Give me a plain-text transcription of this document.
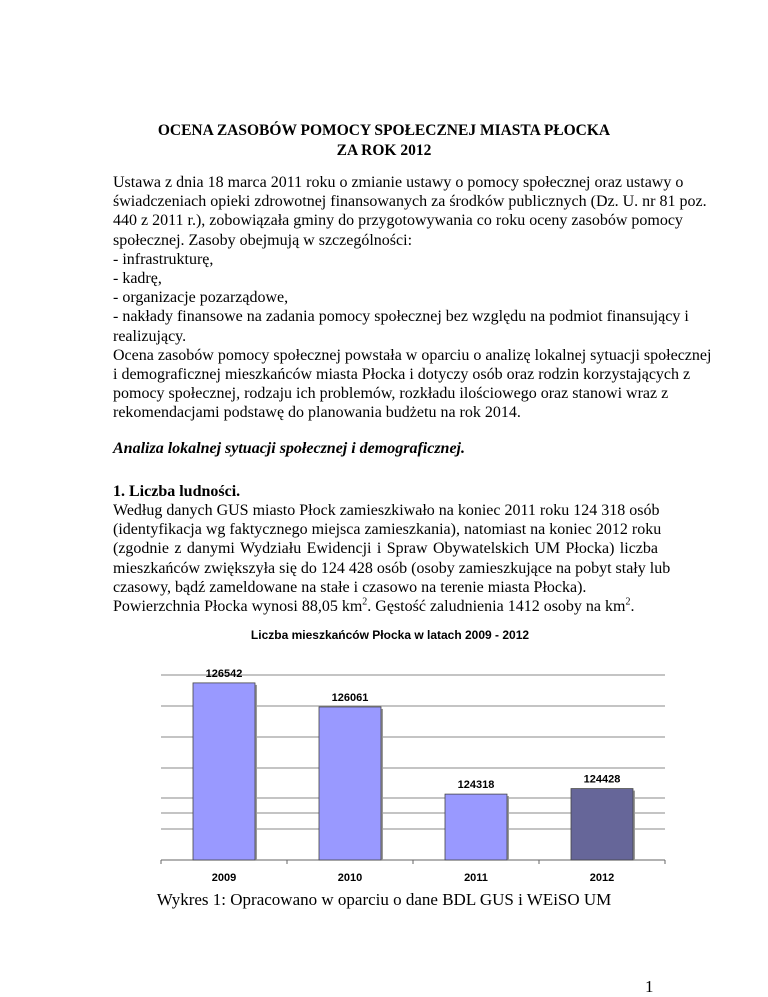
OCENA ZASOBÓW POMOCY SPOŁECZNEJ MIASTA PŁOCKA
ZA ROK 2012
Ustawa z dnia 18 marca 2011 roku o zmianie ustawy o pomocy społecznej oraz ustawy o
świadczeniach opieki zdrowotnej finansowanych za środków publicznych (Dz. U. nr 81 poz.
440 z 2011 r.), zobowiązała gminy do przygotowywania co roku oceny zasobów pomocy
społecznej. Zasoby obejmują w szczególności:
- infrastrukturę,
- kadrę,
- organizacje pozarządowe,
- nakłady finansowe na zadania pomocy społecznej bez względu na podmiot finansujący i
realizujący.
Ocena zasobów pomocy społecznej powstała w oparciu o analizę lokalnej sytuacji społecznej
i demograficznej mieszkańców miasta Płocka i dotyczy osób oraz rodzin korzystających z
pomocy społecznej, rodzaju ich problemów, rozkładu ilościowego oraz stanowi wraz z
rekomendacjami podstawę do planowania budżetu na rok 2014.
Analiza lokalnej sytuacji społecznej i demograficznej.
1. Liczba ludności.
Według danych GUS miasto Płock zamieszkiwało na koniec 2011 roku 124 318 osób
(identyfikacja wg faktycznego miejsca zamieszkania), natomiast na koniec 2012 roku
(zgodnie z danymi Wydziału Ewidencji i Spraw Obywatelskich UM Płocka) liczba
mieszkańców zwiększyła się do 124 428 osób (osoby zamieszkujące na pobyt stały lub
czasowy, bądź zameldowane na stałe i czasowo na terenie miasta Płocka).
Powierzchnia Płocka wynosi 88,05 $km^2$. Gęstość zaludnienia 1412 osoby na $km^2$.
Liczba mieszkańców Płocka w latach 2009 - 2012
126542
2009
126061
2010
124318
2011
124428
2012
Wykres 1: Opracowano w oparciu o dane BDL GUS i WEiSO UM
1
